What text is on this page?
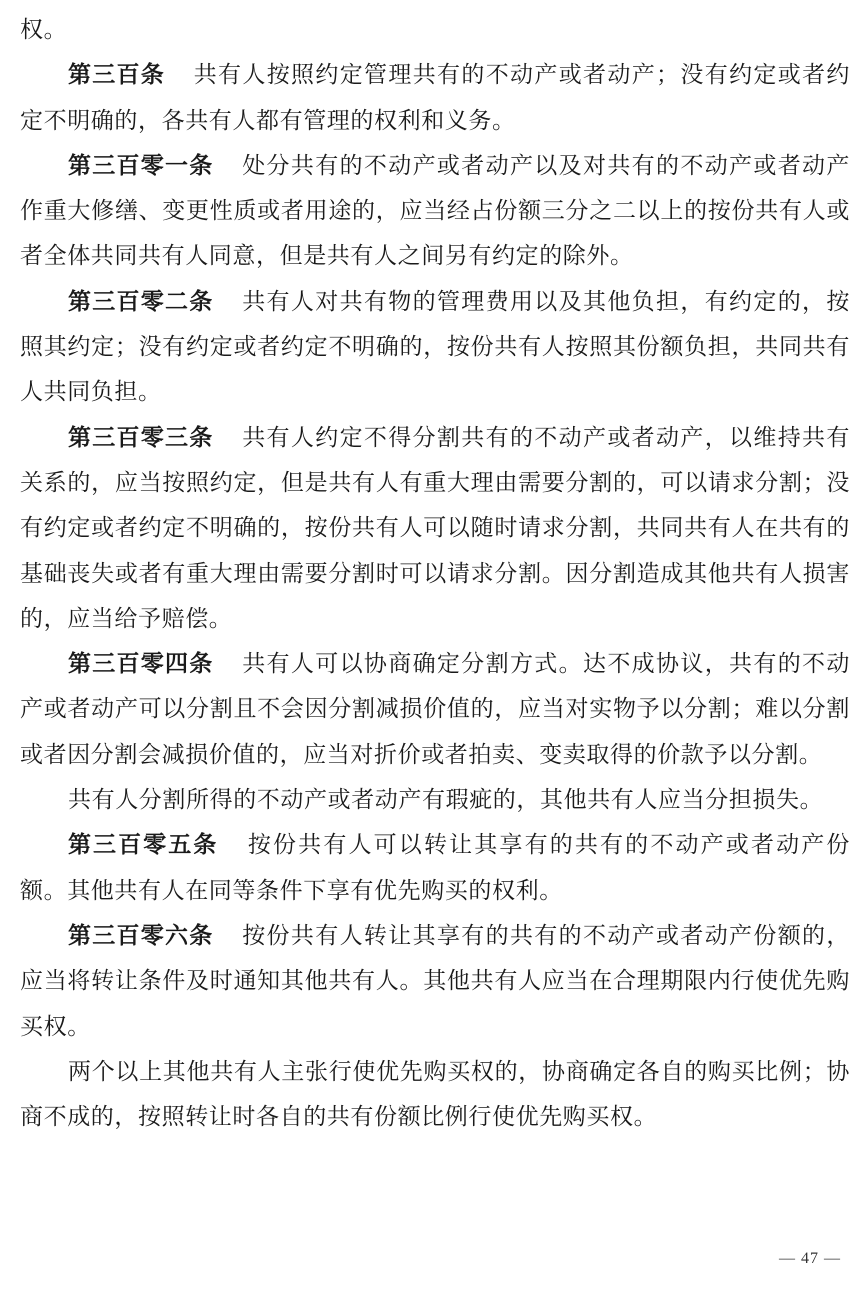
权。

第三百条 共有人按照约定管理共有的不动产或者动产；没有约定或者约定不明确的，各共有人都有管理的权利和义务。

第三百零一条 处分共有的不动产或者动产以及对共有的不动产或者动产作重大修缮、变更性质或者用途的，应当经占份额三分之二以上的按份共有人或者全体共同共有人同意，但是共有人之间另有约定的除外。

第三百零二条 共有人对共有物的管理费用以及其他负担，有约定的，按照其约定；没有约定或者约定不明确的，按份共有人按照其份额负担，共同共有人共同负担。

第三百零三条 共有人约定不得分割共有的不动产或者动产，以维持共有关系的，应当按照约定，但是共有人有重大理由需要分割的，可以请求分割；没有约定或者约定不明确的，按份共有人可以随时请求分割，共同共有人在共有的基础丧失或者有重大理由需要分割时可以请求分割。因分割造成其他共有人损害的，应当给予赔偿。

第三百零四条 共有人可以协商确定分割方式。达不成协议，共有的不动产或者动产可以分割且不会因分割减损价值的，应当对实物予以分割；难以分割或者因分割会减损价值的，应当对折价或者拍卖、变卖取得的价款予以分割。

共有人分割所得的不动产或者动产有瑕疵的，其他共有人应当分担损失。

第三百零五条 按份共有人可以转让其享有的共有的不动产或者动产份额。其他共有人在同等条件下享有优先购买的权利。

第三百零六条 按份共有人转让其享有的共有的不动产或者动产份额的，应当将转让条件及时通知其他共有人。其他共有人应当在合理期限内行使优先购买权。

两个以上其他共有人主张行使优先购买权的，协商确定各自的购买比例；协商不成的，按照转让时各自的共有份额比例行使优先购买权。

— 47 —
